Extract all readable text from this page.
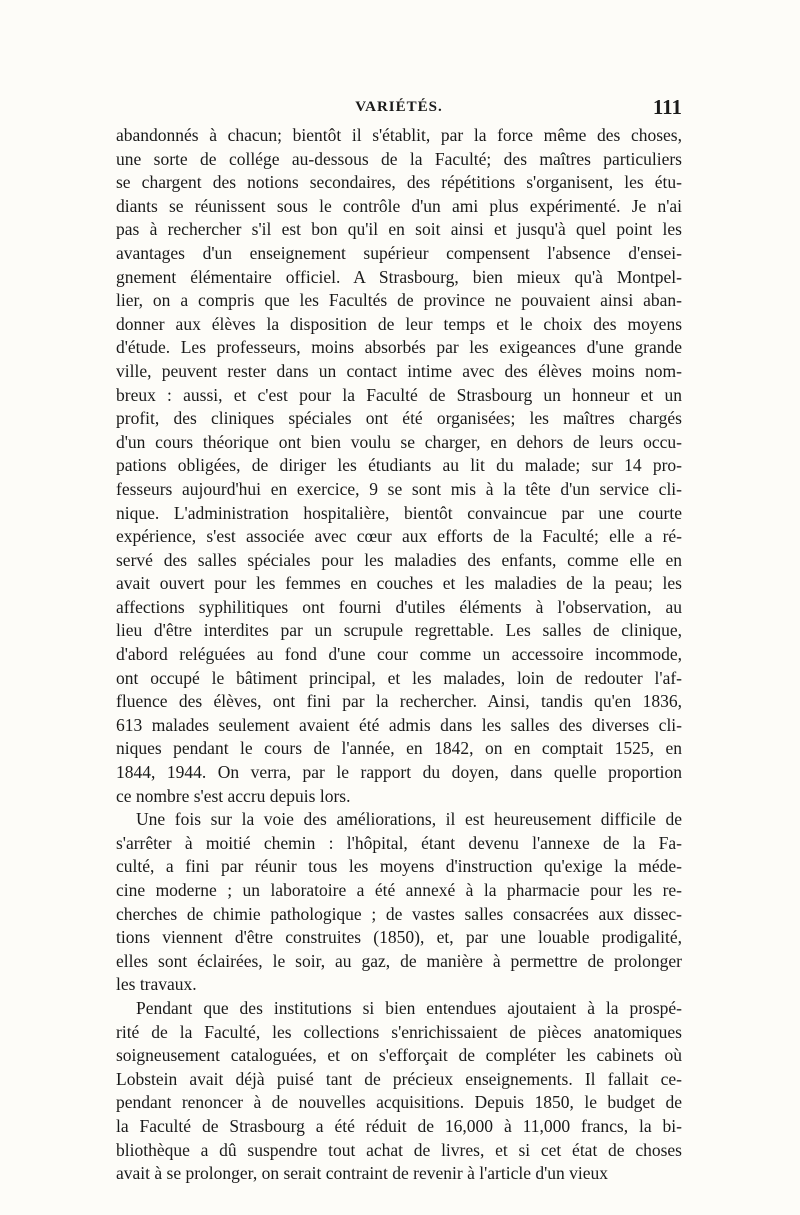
VARIÉTÉS.	111
abandonnés à chacun; bientôt il s'établit, par la force même des choses,
une sorte de collége au-dessous de la Faculté; des maîtres particuliers
se chargent des notions secondaires, des répétitions s'organisent, les étu-
diants se réunissent sous le contrôle d'un ami plus expérimenté. Je n'ai
pas à rechercher s'il est bon qu'il en soit ainsi et jusqu'à quel point les
avantages d'un enseignement supérieur compensent l'absence d'ensei-
gnement élémentaire officiel. A Strasbourg, bien mieux qu'à Montpel-
lier, on a compris que les Facultés de province ne pouvaient ainsi aban-
donner aux élèves la disposition de leur temps et le choix des moyens
d'étude. Les professeurs, moins absorbés par les exigeances d'une grande
ville, peuvent rester dans un contact intime avec des élèves moins nom-
breux : aussi, et c'est pour la Faculté de Strasbourg un honneur et un
profit, des cliniques spéciales ont été organisées; les maîtres chargés
d'un cours théorique ont bien voulu se charger, en dehors de leurs occu-
pations obligées, de diriger les étudiants au lit du malade; sur 14 pro-
fesseurs aujourd'hui en exercice, 9 se sont mis à la tête d'un service cli-
nique. L'administration hospitalière, bientôt convaincue par une courte
expérience, s'est associée avec cœur aux efforts de la Faculté; elle a ré-
servé des salles spéciales pour les maladies des enfants, comme elle en
avait ouvert pour les femmes en couches et les maladies de la peau; les
affections syphilitiques ont fourni d'utiles éléments à l'observation, au
lieu d'être interdites par un scrupule regrettable. Les salles de clinique,
d'abord reléguées au fond d'une cour comme un accessoire incommode,
ont occupé le bâtiment principal, et les malades, loin de redouter l'af-
fluence des élèves, ont fini par la rechercher. Ainsi, tandis qu'en 1836,
613 malades seulement avaient été admis dans les salles des diverses cli-
niques pendant le cours de l'année, en 1842, on en comptait 1525, en
1844, 1944. On verra, par le rapport du doyen, dans quelle proportion
ce nombre s'est accru depuis lors.
Une fois sur la voie des améliorations, il est heureusement difficile de
s'arrêter à moitié chemin : l'hôpital, étant devenu l'annexe de la Fa-
culté, a fini par réunir tous les moyens d'instruction qu'exige la méde-
cine moderne ; un laboratoire a été annexé à la pharmacie pour les re-
cherches de chimie pathologique ; de vastes salles consacrées aux dissec-
tions viennent d'être construites (1850), et, par une louable prodigalité,
elles sont éclairées, le soir, au gaz, de manière à permettre de prolonger
les travaux.
Pendant que des institutions si bien entendues ajoutaient à la prospé-
rité de la Faculté, les collections s'enrichissaient de pièces anatomiques
soigneusement cataloguées, et on s'efforçait de compléter les cabinets où
Lobstein avait déjà puisé tant de précieux enseignements. Il fallait ce-
pendant renoncer à de nouvelles acquisitions. Depuis 1850, le budget de
la Faculté de Strasbourg a été réduit de 16,000 à 11,000 francs, la bi-
bliothèque a dû suspendre tout achat de livres, et si cet état de choses
avait à se prolonger, on serait contraint de revenir à l'article d'un vieux
